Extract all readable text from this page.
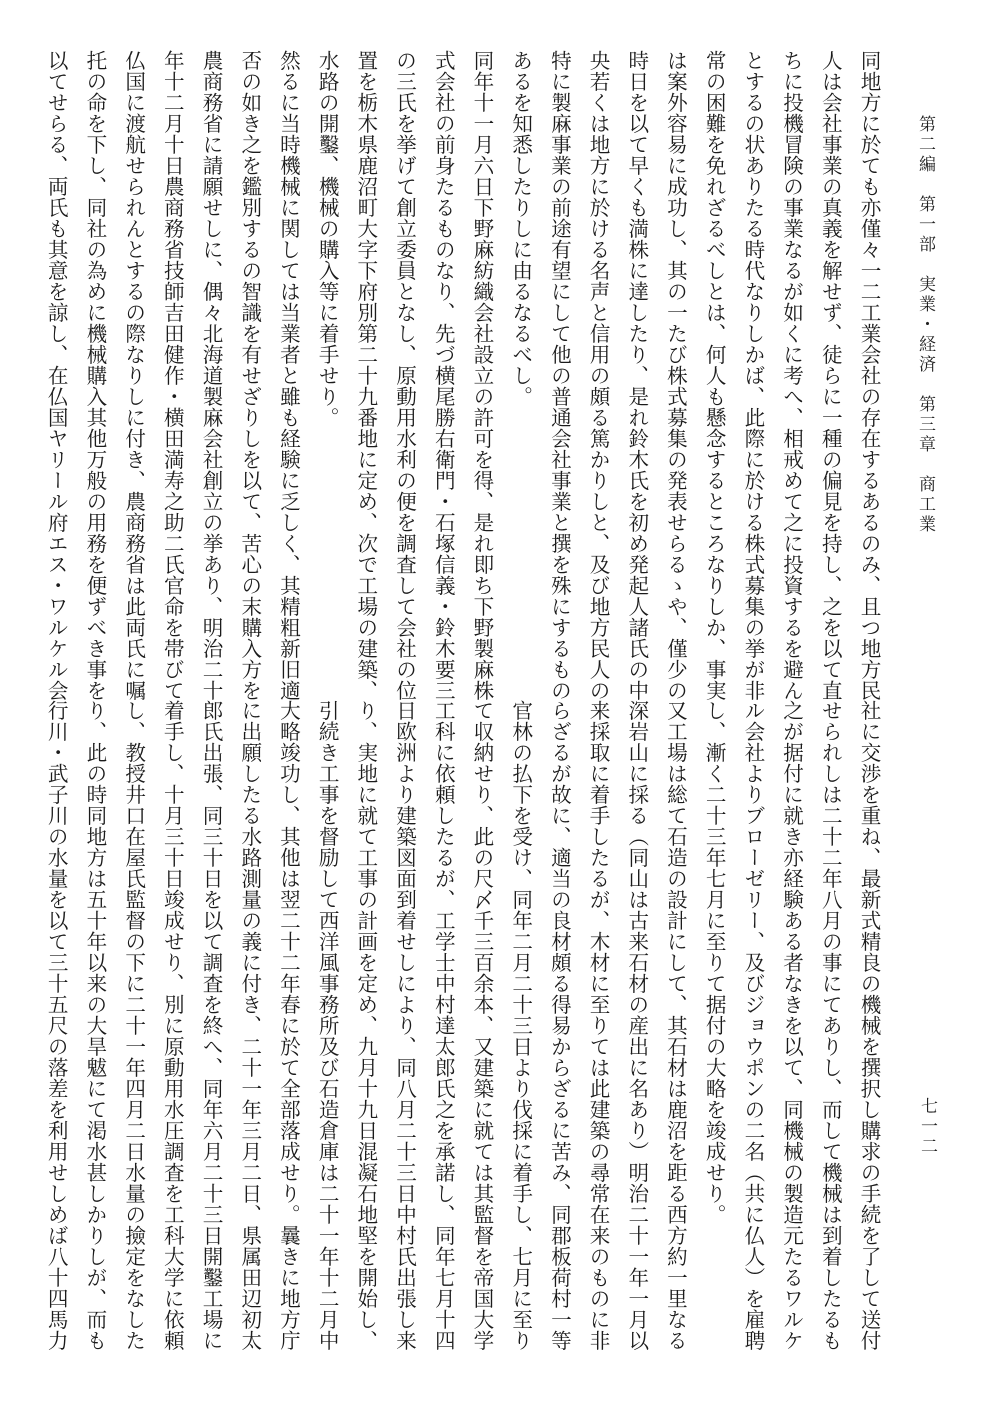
第二編　第一部　実業・経済　第三章　商工業
七一二
同地方に於ても亦僅々一二工業会社の存在するあるのみ、且つ地方民
人は会社事業の真義を解せず、徒らに一種の偏見を持し、之を以て直
ちに投機冒険の事業なるが如くに考へ、相戒めて之に投資するを避ん
とするの状ありたる時代なりしかば、此際に於ける株式募集の挙が非
常の困難を免れざるべしとは、何人も懸念するところなりしか、事実
は案外容易に成功し、其の一たび株式募集の発表せらるゝや、僅少の
時日を以て早くも満株に達したり、是れ鈴木氏を初め発起人諸氏の中
央若くは地方に於ける名声と信用の頗る篤かりしと、及び地方民人の
特に製麻事業の前途有望にして他の普通会社事業と撰を殊にするもの
あるを知悉したりしに由るなるべし。
同年十一月六日下野麻紡織会社設立の許可を得、是れ即ち下野製麻株
式会社の前身たるものなり、先づ横尾勝右衛門・石塚信義・鈴木要三
の三氏を挙げて創立委員となし、原動用水利の便を調査して会社の位
置を栃木県鹿沼町大字下府別第二十九番地に定め、次で工場の建築、
水路の開鑿、機械の購入等に着手せり。
然るに当時機械に関しては当業者と雖も経験に乏しく、其精粗新旧適
否の如き之を鑑別するの智識を有せざりしを以て、苦心の末購入方を
農商務省に請願せしに、偶々北海道製麻会社創立の挙あり、明治二十
年十二月十日農商務省技師吉田健作・横田満寿之助二氏官命を帯びて
仏国に渡航せられんとするの際なりしに付き、農商務省は此両氏に嘱
托の命を下し、同社の為めに機械購入其他万般の用務を便ずべき事を
以てせらる、両氏も其意を諒し、在仏国ヤリール府エス・ワルケル会
社に交渉を重ね、最新式精良の機械を撰択し購求の手続を了して送付
せられしは二十二年八月の事にてありし、而して機械は到着したるも
之が据付に就き亦経験ある者なきを以て、同機械の製造元たるワルケ
ル会社よりブローゼリー、及びジョウポンの二名（共に仏人）を雇聘
し、漸く二十三年七月に至りて据付の大略を竣成せり。
又工場は総て石造の設計にして、其石材は鹿沼を距る西方約一里なる
深岩山に採る（同山は古来石材の産出に名あり）明治二十一年一月以
来採取に着手したるが、木材に至りては此建築の尋常在来のものに非
らざるが故に、適当の良材頗る得易からざるに苦み、同郡板荷村一等
官林の払下を受け、同年二月二十三日より伐採に着手し、七月に至り
て収納せり、此の尺〆千三百余本、又建築に就ては其監督を帝国大学
工科に依頼したるが、工学士中村達太郎氏之を承諾し、同年七月十四
日欧洲より建築図面到着せしにより、同八月二十三日中村氏出張し来
り、実地に就て工事の計画を定め、九月十九日混凝石地堅を開始し、
引続き工事を督励して西洋風事務所及び石造倉庫は二十一年十二月中
大略竣功し、其他は翌二十二年春に於て全部落成せり。曩きに地方庁
に出願したる水路測量の義に付き、二十一年三月二日、県属田辺初太
郎氏出張、同三十日を以て調査を終へ、同年六月二十三日開鑿工場に
着手し、十月三十日竣成せり、別に原動用水圧調査を工科大学に依頼
し、教授井口在屋氏監督の下に二十一年四月二日水量の撿定をなした
り、此の時同地方は五十年以来の大旱魃にて渇水甚しかりしが、而も
行川・武子川の水量を以て三十五尺の落差を利用せしめば八十四馬力
